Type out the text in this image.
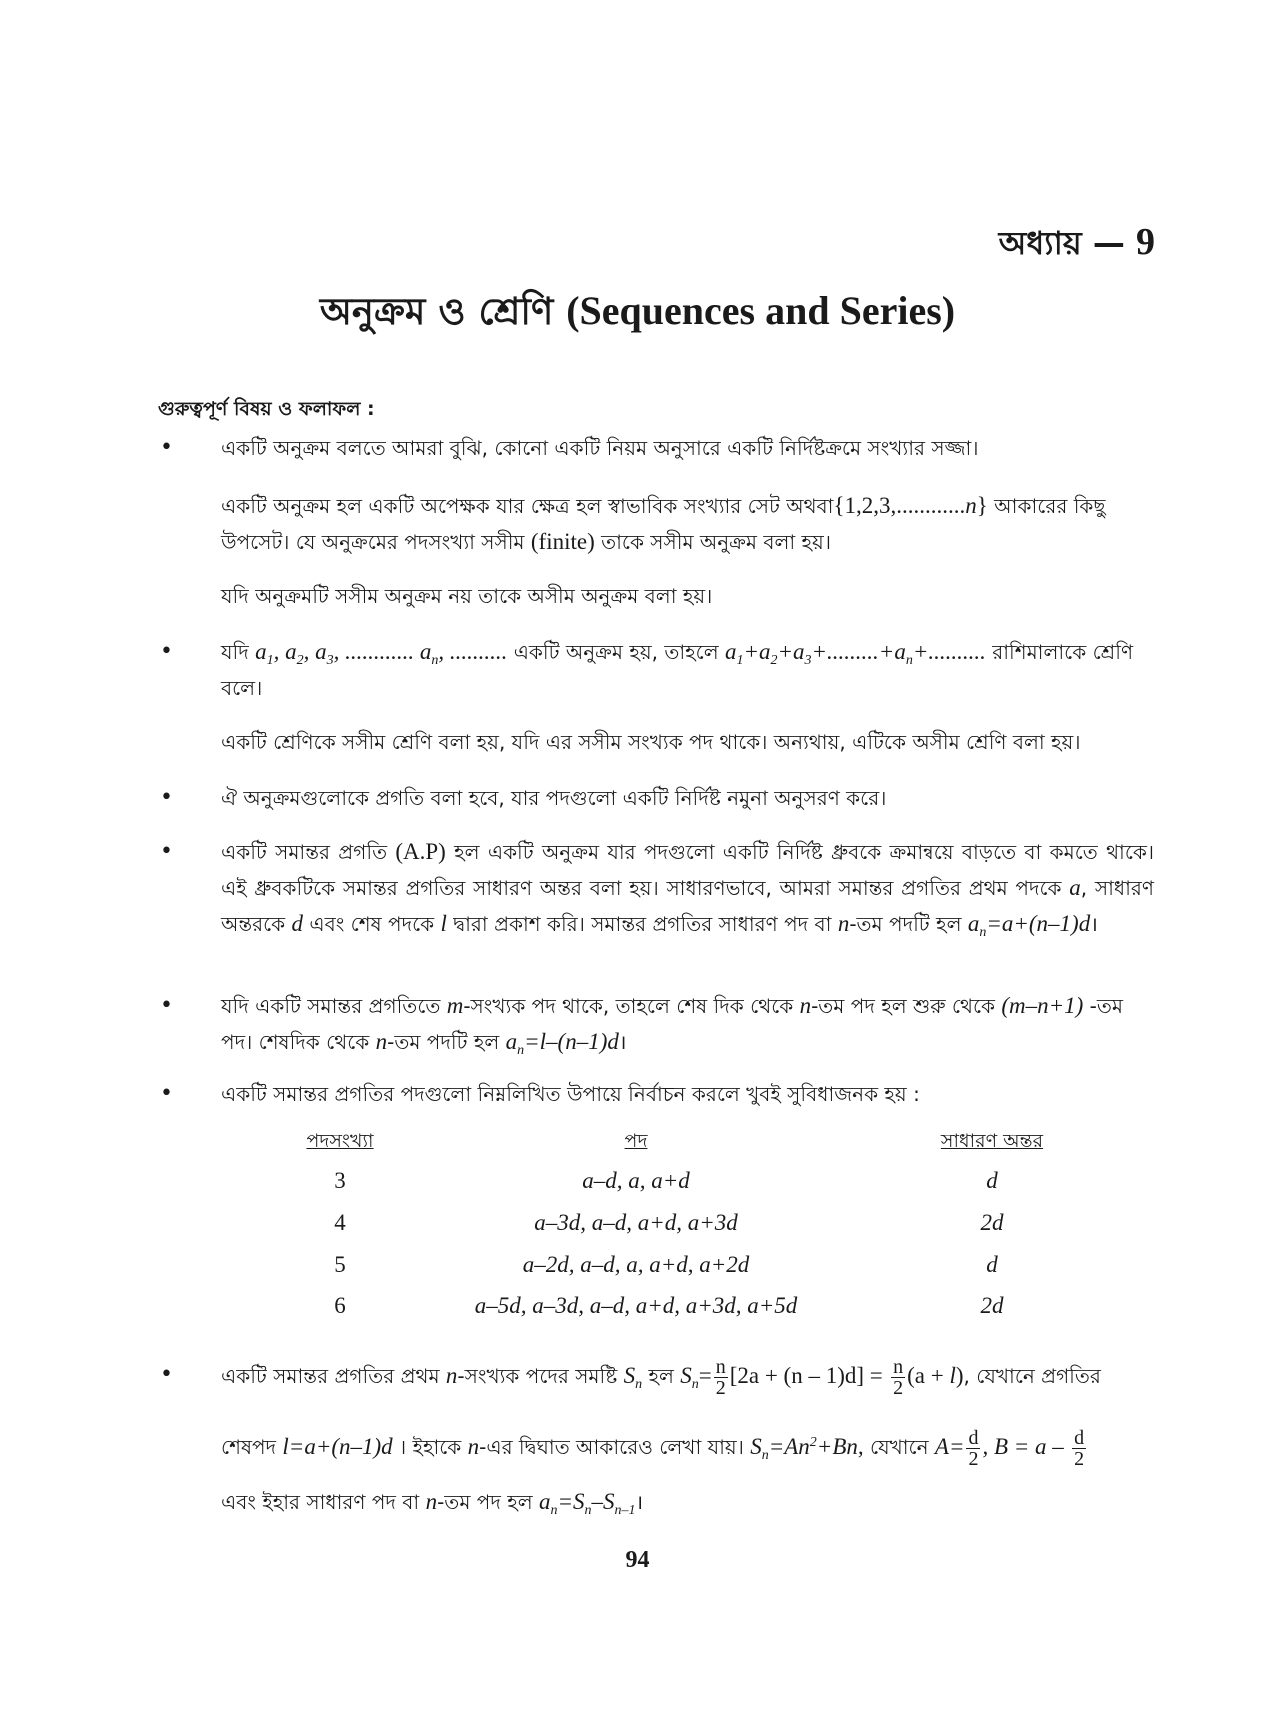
অধ্যায় — 9
অনুক্রম ও শ্রেণি (Sequences and Series)
গুরুত্বপূর্ণ বিষয় ও ফলাফল :
• একটি অনুক্রম বলতে আমরা বুঝি, কোনো একটি নিয়ম অনুসারে একটি নির্দিষ্টক্রমে সংখ্যার সজ্জা।
একটি অনুক্রম হল একটি অপেক্ষক যার ক্ষেত্র হল স্বাভাবিক সংখ্যার সেট অথবা{1,2,3,............n} আকারের কিছু উপসেট। যে অনুক্রমের পদসংখ্যা সসীম (finite) তাকে সসীম অনুক্রম বলা হয়।
যদি অনুক্রমটি সসীম অনুক্রম নয় তাকে অসীম অনুক্রম বলা হয়।
• যদি $a_1$, $a_2$, $a_3$, ............ $a_n$, .......... একটি অনুক্রম হয়, তাহলে $a_1+a_2+a_3+.........+a_n+$.......... রাশিমালাকে শ্রেণি বলে।
একটি শ্রেণিকে সসীম শ্রেণি বলা হয়, যদি এর সসীম সংখ্যক পদ থাকে। অন্যথায়, এটিকে অসীম শ্রেণি বলা হয়।
• ঐ অনুক্রমগুলোকে প্রগতি বলা হবে, যার পদগুলো একটি নির্দিষ্ট নমুনা অনুসরণ করে।
• একটি সমান্তর প্রগতি (A.P) হল একটি অনুক্রম যার পদগুলো একটি নির্দিষ্ট ধ্রুবকে ক্রমান্বয়ে বাড়তে বা কমতে থাকে। এই ধ্রুবকটিকে সমান্তর প্রগতির সাধারণ অন্তর বলা হয়। সাধারণভাবে, আমরা সমান্তর প্রগতির প্রথম পদকে a, সাধারণ অন্তরকে d এবং শেষ পদকে l দ্বারা প্রকাশ করি। সমান্তর প্রগতির সাধারণ পদ বা n-তম পদটি হল $a_n=a+(n-1)d।$
• যদি একটি সমান্তর প্রগতিতে m-সংখ্যক পদ থাকে, তাহলে শেষ দিক থেকে n-তম পদ হল শুরু থেকে (m–n+1) -তম পদ। শেষদিক থেকে n-তম পদটি হল $a_n=l-(n-1)d।$
• একটি সমান্তর প্রগতির পদগুলো নিম্নলিখিত উপায়ে নির্বাচন করলে খুবই সুবিধাজনক হয় :
পদসংখ্যা	পদ	সাধারণ অন্তর
3	a–d, a, a+d	d
4	a–3d, a–d, a+d, a+3d	2d
5	a–2d, a–d, a, a+d, a+2d	d
6	a–5d, a–3d, a–d, a+d, a+3d, a+5d	2d
• একটি সমান্তর প্রগতির প্রথম n-সংখ্যক পদের সমষ্টি $S_n$ হল $S_n= \frac{n}{2} [2a + (n - 1)d] = \frac{n}{2} (a + l)$, যেখানে প্রগতির
শেষপদ l=a+(n–1)d । ইহাকে n-এর দ্বিঘাত আকারেও লেখা যায়। $S_n=An^2+Bn$, যেখানে $A= \frac{d}{2}$ , $B = a - \frac{d}{2}$
এবং ইহার সাধারণ পদ বা n-তম পদ হল $a_n=S_n-S_{n-1}।$
94
